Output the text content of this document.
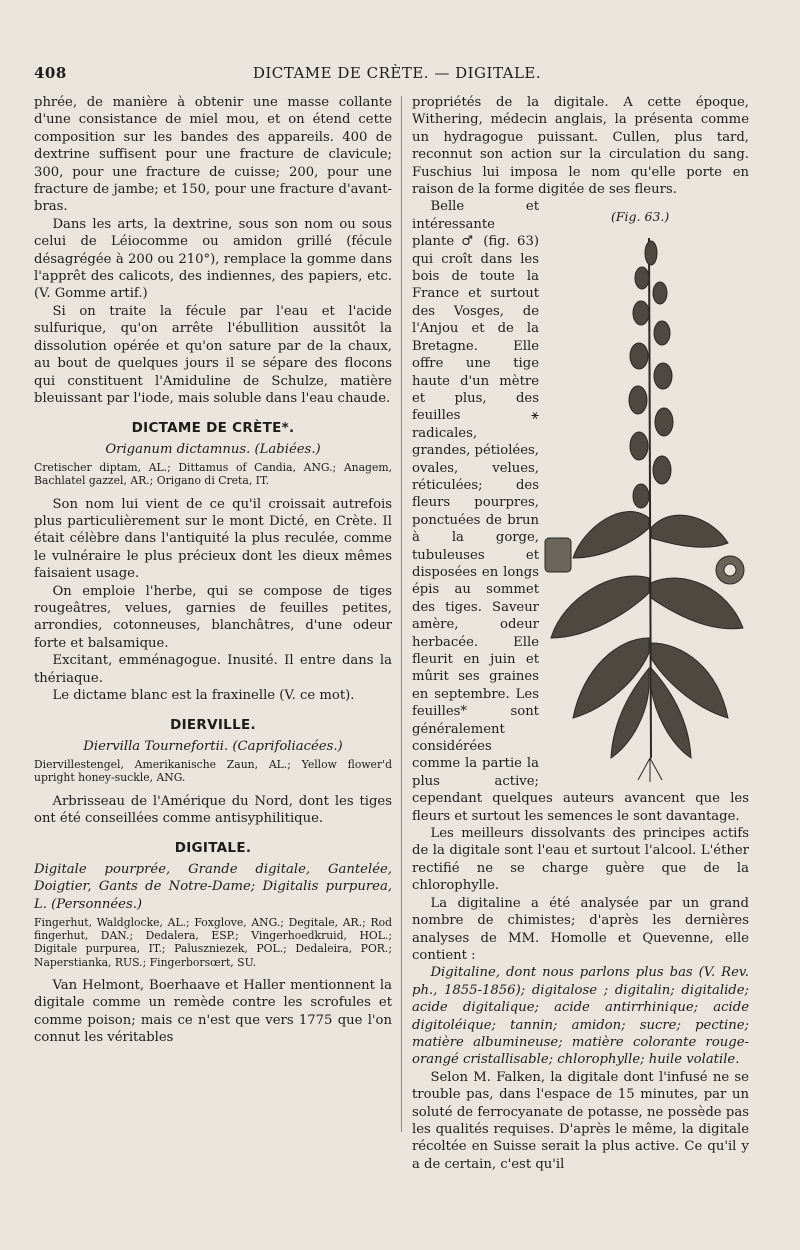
408	DICTAME DE CRÈTE. — DIGITALE.

phrée, de manière à obtenir une masse collante d'une consistance de miel mou, et on étend cette composition sur les bandes des appareils. 400 de dextrine suffisent pour une fracture de clavicule; 300, pour une fracture de cuisse; 200, pour une fracture de jambe; et 150, pour une fracture d'avant-bras.

Dans les arts, la dextrine, sous son nom ou sous celui de Léiocomme ou amidon grillé (fécule désagrégée à 200 ou 210°), remplace la gomme dans l'apprêt des calicots, des indiennes, des papiers, etc. (V. Gomme artif.)

Si on traite la fécule par l'eau et l'acide sulfurique, qu'on arrête l'ébullition aussitôt la dissolution opérée et qu'on sature par de la chaux, au bout de quelques jours il se sépare des flocons qui constituent l'Amiduline de Schulze, matière bleuissant par l'iode, mais soluble dans l'eau chaude.

DICTAME DE CRÈTE*.
Origanum dictamnus. (Labiées.)
Cretischer diptam, AL.; Dittamus of Candia, ANG.; Anagem, Bachlatel gazzel, AR.; Origano di Creta, IT.

Son nom lui vient de ce qu'il croissait autrefois plus particulièrement sur le mont Dicté, en Crète. Il était célèbre dans l'antiquité la plus reculée, comme le vulnéraire le plus précieux dont les dieux mêmes faisaient usage.

On emploie l'herbe, qui se compose de tiges rougeâtres, velues, garnies de feuilles petites, arrondies, cotonneuses, blanchâtres, d'une odeur forte et balsamique.

Excitant, emménagogue. Inusité. Il entre dans la thériaque.

Le dictame blanc est la fraxinelle (V. ce mot).

DIERVILLE.
Diervilla Tournefortii. (Caprifoliacées.)
Diervillestengel, Amerikanische Zaun, AL.; Yellow flower'd upright honey-suckle, ANG.

Arbrisseau de l'Amérique du Nord, dont les tiges ont été conseillées comme antisyphilitique.

DIGITALE.
Digitale pourprée, Grande digitale, Gantelée, Doigtier, Gants de Notre-Dame; Digitalis purpurea, L. (Personnées.)
Fingerhut, Waldglocke, AL.; Foxglove, ANG.; Degitale, AR.; Rod fingerhut, DAN.; Dedalera, ESP.; Vingerhoedkruid, HOL.; Digitale purpurea, IT.; Paluszniezek, POL.; Dedaleira, POR.; Naperstianka, RUS.; Fingerborsœrt, SU.

Van Helmont, Boerhaave et Haller mentionnent la digitale comme un remède contre les scrofules et comme poison; mais ce n'est que vers 1775 que l'on connut les véritables

propriétés de la digitale. A cette époque, Withering, médecin anglais, la présenta comme un hydragogue puissant. Cullen, plus tard, reconnut son action sur la circulation du sang. Fuschius lui imposa le nom qu'elle porte en raison de la forme digitée de ses fleurs.

(Fig. 63.)

Belle et intéressante plante ♂ (fig. 63) qui croît dans les bois de toute la France et surtout des Vosges, de l'Anjou et de la Bretagne. Elle offre une tige haute d'un mètre et plus, des feuilles ⚹ radicales, grandes, pétiolées, ovales, velues, réticulées; des fleurs pourpres, ponctuées de brun à la gorge, tubuleuses et disposées en longs épis au sommet des tiges. Saveur amère, odeur herbacée. Elle fleurit en juin et mûrit ses graines en septembre. Les feuilles* sont généralement considérées comme la partie la plus active; cependant quelques auteurs avancent que les fleurs et surtout les semences le sont davantage.

Les meilleurs dissolvants des principes actifs de la digitale sont l'eau et surtout l'alcool. L'éther rectifié ne se charge guère que de la chlorophylle.

La digitaline a été analysée par un grand nombre de chimistes; d'après les dernières analyses de MM. Homolle et Quevenne, elle contient :

Digitaline, dont nous parlons plus bas (V. Rev. ph., 1855-1856); digitalose ; digitalin; digitalide; acide digitalique; acide antirrhinique; acide digitoléique; tannin; amidon; sucre; pectine; matière albumineuse; matière colorante rouge-orangé cristallisable; chlorophylle; huile volatile.

Selon M. Falken, la digitale dont l'infusé ne se trouble pas, dans l'espace de 15 minutes, par un soluté de ferrocyanate de potasse, ne possède pas les qualités requises. D'après le même, la digitale récoltée en Suisse serait la plus active. Ce qu'il y a de certain, c'est qu'il
